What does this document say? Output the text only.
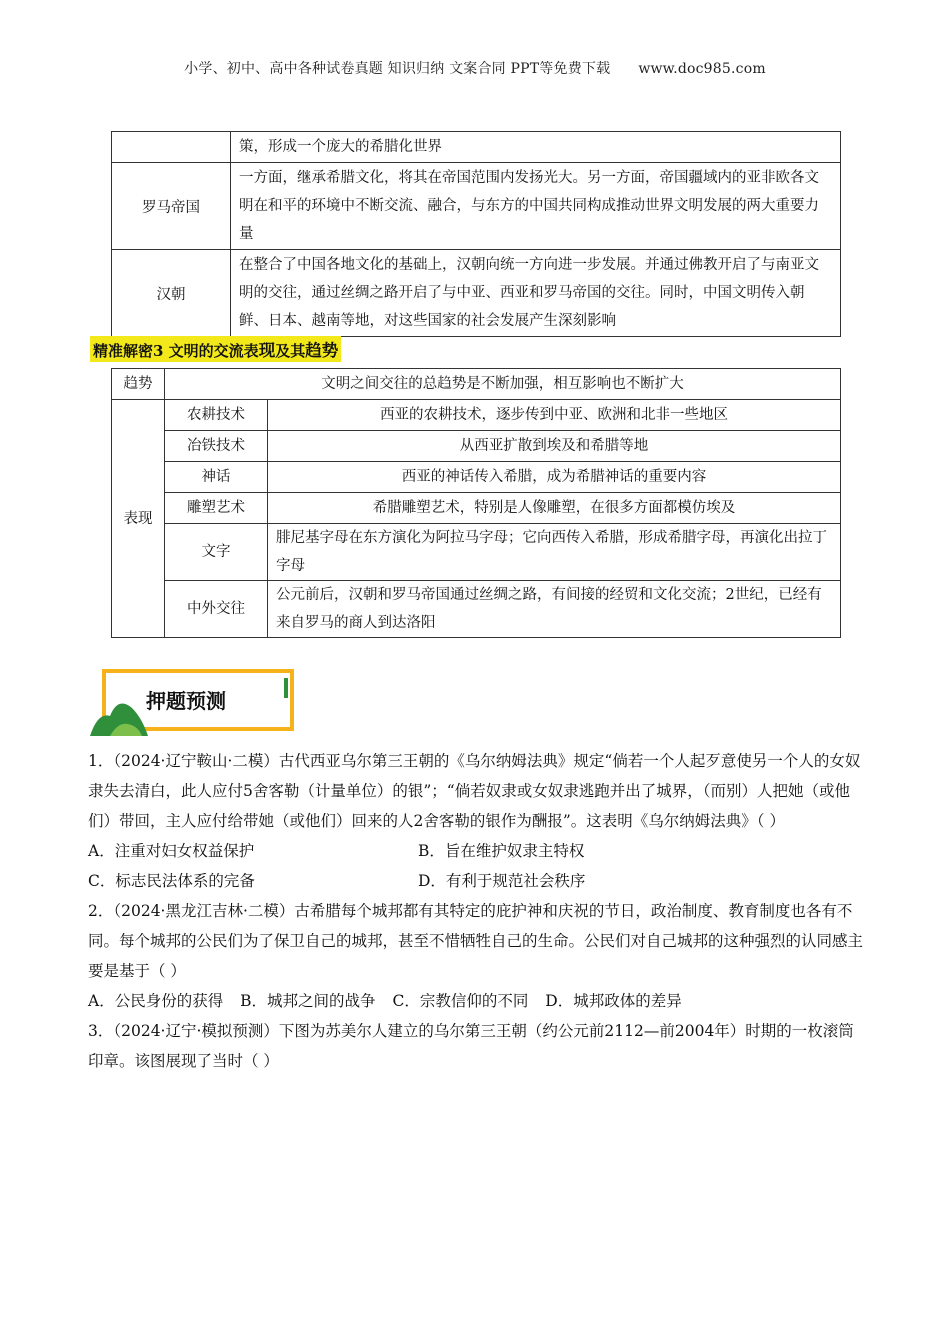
小学、初中、高中各种试卷真题 知识归纳 文案合同 PPT等免费下载 www.doc985.com
	策，形成一个庞大的希腊化世界
罗马帝国	一方面，继承希腊文化，将其在帝国范围内发扬光大。另一方面，帝国疆域内的亚非欧各文明在和平的环境中不断交流、融合，与东方的中国共同构成推动世界文明发展的两大重要力量
汉朝	在整合了中国各地文化的基础上，汉朝向统一方向进一步发展。并通过佛教开启了与南亚文明的交往，通过丝绸之路开启了与中亚、西亚和罗马帝国的交往。同时，中国文明传入朝鲜、日本、越南等地，对这些国家的社会发展产生深刻影响
精准解密3 文明的交流表现及其趋势
趋势	文明之间交往的总趋势是不断加强，相互影响也不断扩大	
表现	农耕技术	西亚的农耕技术，逐步传到中亚、欧洲和北非一些地区
	冶铁技术	从西亚扩散到埃及和希腊等地
	神话	西亚的神话传入希腊，成为希腊神话的重要内容
	雕塑艺术	希腊雕塑艺术，特别是人像雕塑，在很多方面都模仿埃及
	文字	腓尼基字母在东方演化为阿拉马字母；它向西传入希腊，形成希腊字母，再演化出拉丁字母
	中外交往	公元前后，汉朝和罗马帝国通过丝绸之路，有间接的经贸和文化交流；2世纪，已经有来自罗马的商人到达洛阳
押题预测

1．（2024·辽宁鞍山·二模）古代西亚乌尔第三王朝的《乌尔纳姆法典》规定“倘若一个人起歹意使另一个人的女奴隶失去清白，此人应付5舍客勒（计量单位）的银”；“倘若奴隶或女奴隶逃跑并出了城界，（而别）人把她（或他们）带回，主人应付给带她（或他们）回来的人2舍客勒的银作为酬报”。这表明《乌尔纳姆法典》（ ）

A．注重对妇女权益保护	B．旨在维护奴隶主特权
C．标志民法体系的完备	D．有利于规范社会秩序

2．（2024·黑龙江吉林·二模）古希腊每个城邦都有其特定的庇护神和庆祝的节日，政治制度、教育制度也各有不同。每个城邦的公民们为了保卫自己的城邦，甚至不惜牺牲自己的生命。公民们对自己城邦的这种强烈的认同感主要是基于（ ）

A．公民身份的获得 B．城邦之间的战争 C．宗教信仰的不同 D．城邦政体的差异

3．（2024·辽宁·模拟预测）下图为苏美尔人建立的乌尔第三王朝（约公元前2112—前2004年）时期的一枚滚筒印章。该图展现了当时（ ）
